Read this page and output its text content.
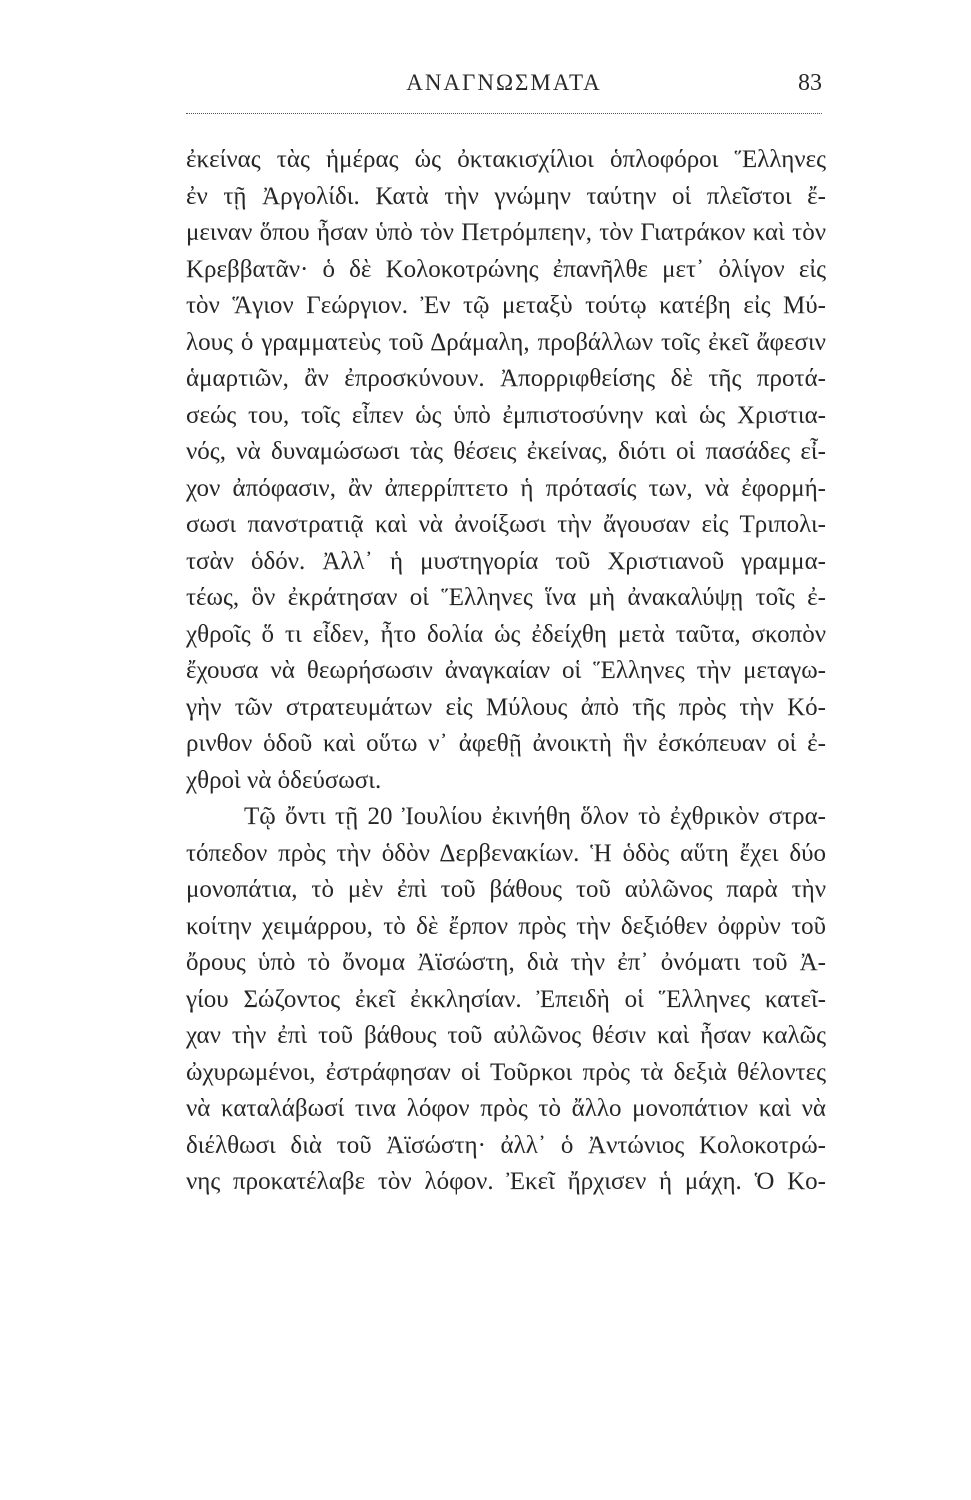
ΑΝΑΓΝΩΣΜΑΤΑ	83
ἐκείνας τὰς ἡμέρας ὡς ὀκτακισχίλιοι ὁπλοφόροι Ἕλληνες
ἐν τῇ Ἀργολίδι. Κατὰ τὴν γνώμην ταύτην οἱ πλεῖστοι ἔ-
μειναν ὅπου ἦσαν ὑπὸ τὸν Πετρόμπεην, τὸν Γιατράκον καὶ τὸν
Κρεββατᾶν· ὁ δὲ Κολοκοτρώνης ἐπανῆλθε μετ᾽ ὀλίγον εἰς
τὸν Ἅγιον Γεώργιον. Ἐν τῷ μεταξὺ τούτῳ κατέβη εἰς Μύ-
λους ὁ γραμματεὺς τοῦ Δράμαλη, προβάλλων τοῖς ἐκεῖ ἄφεσιν
ἁμαρτιῶν, ἂν ἐπροσκύνουν. Ἀπορριφθείσης δὲ τῆς προτά-
σεώς του, τοῖς εἶπεν ὡς ὑπὸ ἐμπιστοσύνην καὶ ὡς Χριστια-
νός, νὰ δυναμώσωσι τὰς θέσεις ἐκείνας, διότι οἱ πασάδες εἶ-
χον ἀπόφασιν, ἂν ἀπερρίπτετο ἡ πρότασίς των, νὰ ἐφορμή-
σωσι πανστρατιᾷ καὶ νὰ ἀνοίξωσι τὴν ἄγουσαν εἰς Τριπολι-
τσὰν ὁδόν. Ἀλλ᾽ ἡ μυστηγορία τοῦ Χριστιανοῦ γραμμα-
τέως, ὃν ἐκράτησαν οἱ Ἕλληνες ἵνα μὴ ἀνακαλύψῃ τοῖς ἐ-
χθροῖς ὅ τι εἶδεν, ἦτο δολία ὡς ἐδείχθη μετὰ ταῦτα, σκοπὸν
ἔχουσα νὰ θεωρήσωσιν ἀναγκαίαν οἱ Ἕλληνες τὴν μεταγω-
γὴν τῶν στρατευμάτων εἰς Μύλους ἀπὸ τῆς πρὸς τὴν Κό-
ρινθον ὁδοῦ καὶ οὕτω ν᾽ ἀφεθῇ ἀνοικτὴ ἣν ἐσκόπευαν οἱ ἐ-
χθροὶ νὰ ὁδεύσωσι.
Τῷ ὄντι τῇ 20 Ἰουλίου ἐκινήθη ὅλον τὸ ἐχθρικὸν στρα-
τόπεδον πρὸς τὴν ὁδὸν Δερβενακίων. Ἡ ὁδὸς αὕτη ἔχει δύο
μονοπάτια, τὸ μὲν ἐπὶ τοῦ βάθους τοῦ αὐλῶνος παρὰ τὴν
κοίτην χειμάρρου, τὸ δὲ ἔρπον πρὸς τὴν δεξιόθεν ὀφρὺν τοῦ
ὄρους ὑπὸ τὸ ὄνομα Ἀϊσώστη, διὰ τὴν ἐπ᾽ ὀνόματι τοῦ Ἀ-
γίου Σώζοντος ἐκεῖ ἐκκλησίαν. Ἐπειδὴ οἱ Ἕλληνες κατεῖ-
χαν τὴν ἐπὶ τοῦ βάθους τοῦ αὐλῶνος θέσιν καὶ ἦσαν καλῶς
ὠχυρωμένοι, ἐστράφησαν οἱ Τοῦρκοι πρὸς τὰ δεξιὰ θέλοντες
νὰ καταλάβωσί τινα λόφον πρὸς τὸ ἄλλο μονοπάτιον καὶ νὰ
διέλθωσι διὰ τοῦ Ἀϊσώστη· ἀλλ᾽ ὁ Ἀντώνιος Κολοκοτρώ-
νης προκατέλαβε τὸν λόφον. Ἐκεῖ ἤρχισεν ἡ μάχη. Ὁ Κο-
